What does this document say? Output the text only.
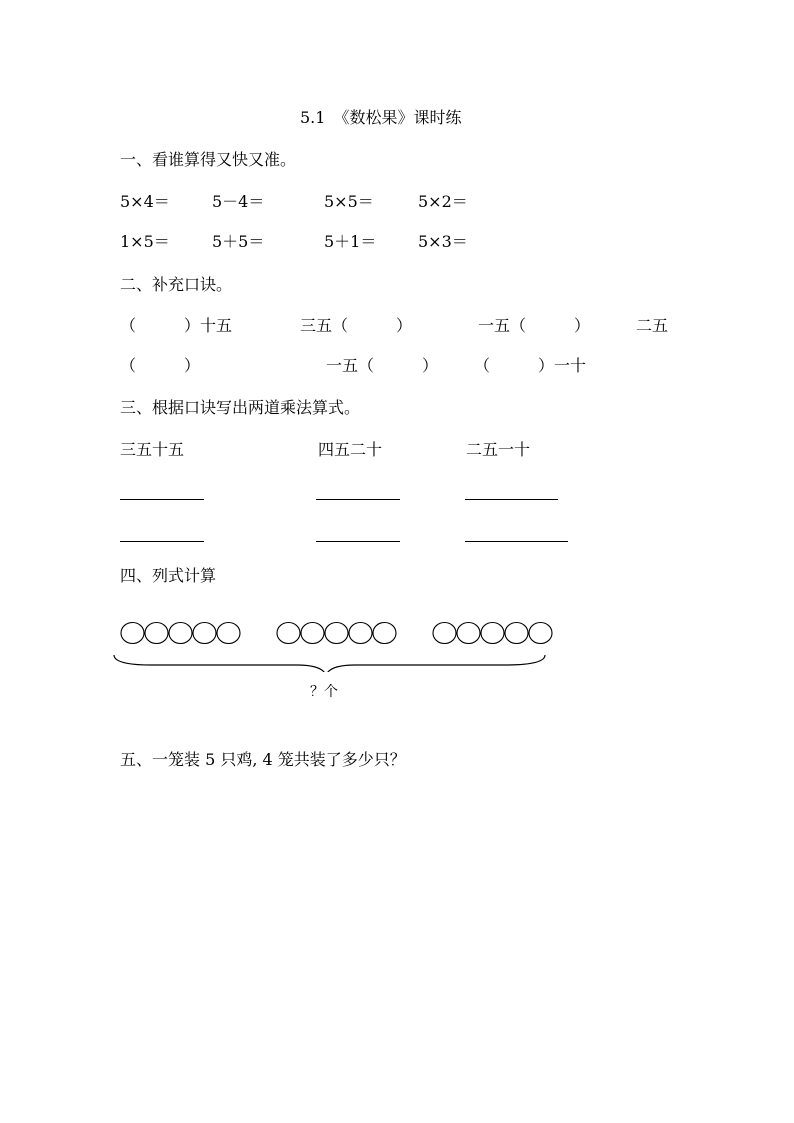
5.1　《数松果》课时练
一、看谁算得又快又准。
5×4＝	5－4＝	5×5＝	5×2＝
1×5＝	5＋5＝	5＋1＝	5×3＝
二、补充口诀。
（　　　）十五	三五（　　　）	一五（　　　）	二五
（　　　）	一五（　　　） （　　　）一十
三、根据口诀写出两道乘法算式。
三五十五	四五二十	二五一十
四、列式计算
？个
五、一笼装 5 只鸡, 4 笼共装了多少只？
